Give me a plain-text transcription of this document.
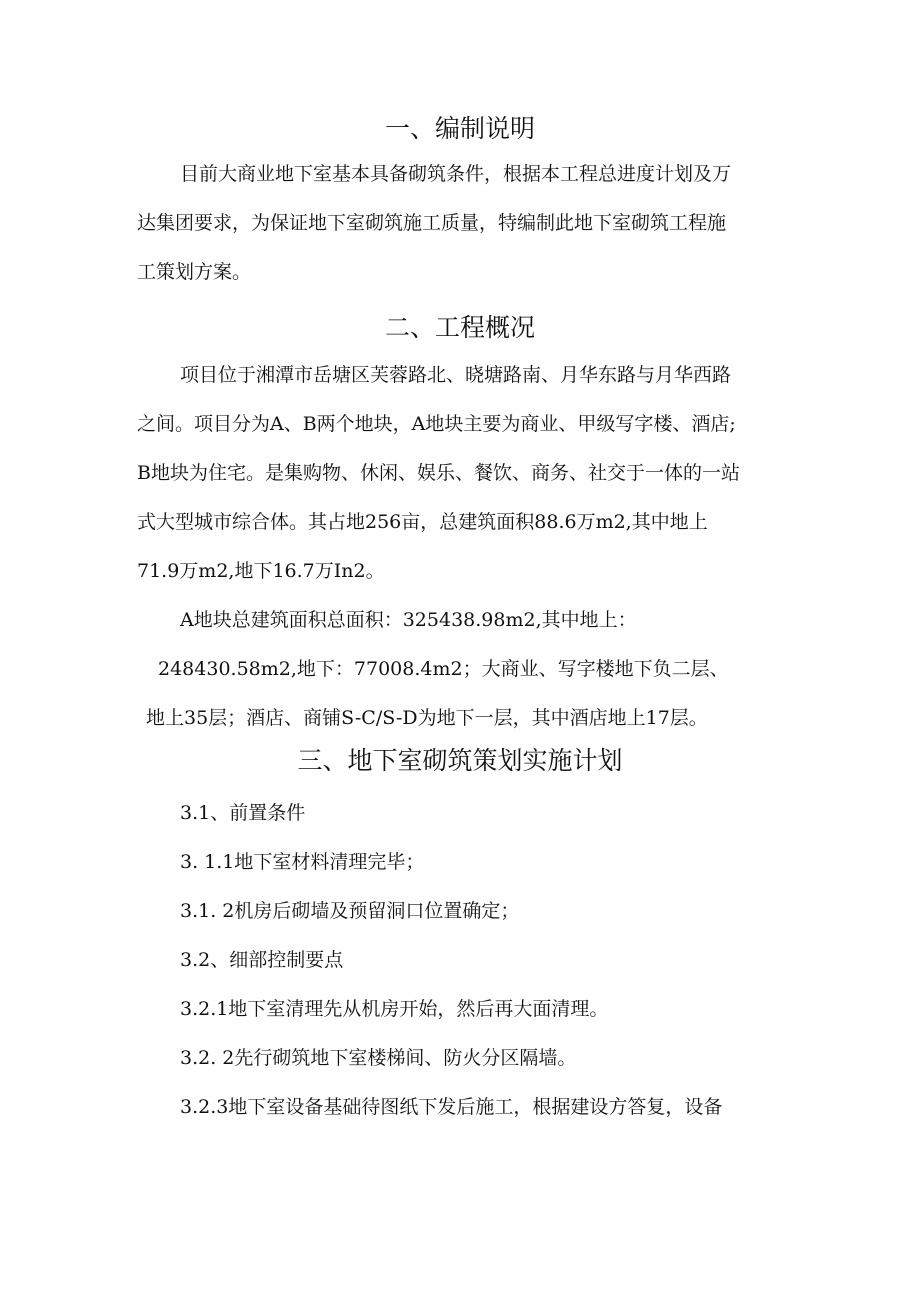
一、编制说明
目前大商业地下室基本具备砌筑条件，根据本工程总进度计划及万
达集团要求，为保证地下室砌筑施工质量，特编制此地下室砌筑工程施
工策划方案。
二、工程概况
项目位于湘潭市岳塘区芙蓉路北、晓塘路南、月华东路与月华西路
之间。项目分为A、B两个地块，A地块主要为商业、甲级写字楼、酒店;
B地块为住宅。是集购物、休闲、娱乐、餐饮、商务、社交于一体的一站
式大型城市综合体。其占地256亩，总建筑面积88.6万m2,其中地上
71.9万m2,地下16.7万In2。
A地块总建筑面积总面积：325438.98m2,其中地上：
248430.58m2,地下：77008.4m2；大商业、写字楼地下负二层、
地上35层；酒店、商铺S-C/S-D为地下一层，其中酒店地上17层。
三、地下室砌筑策划实施计划
3.1、前置条件
3. 1.1地下室材料清理完毕；
3.1. 2机房后砌墙及预留洞口位置确定；
3.2、细部控制要点
3.2.1地下室清理先从机房开始，然后再大面清理。
3.2. 2先行砌筑地下室楼梯间、防火分区隔墙。
3.2.3地下室设备基础待图纸下发后施工，根据建设方答复，设备
